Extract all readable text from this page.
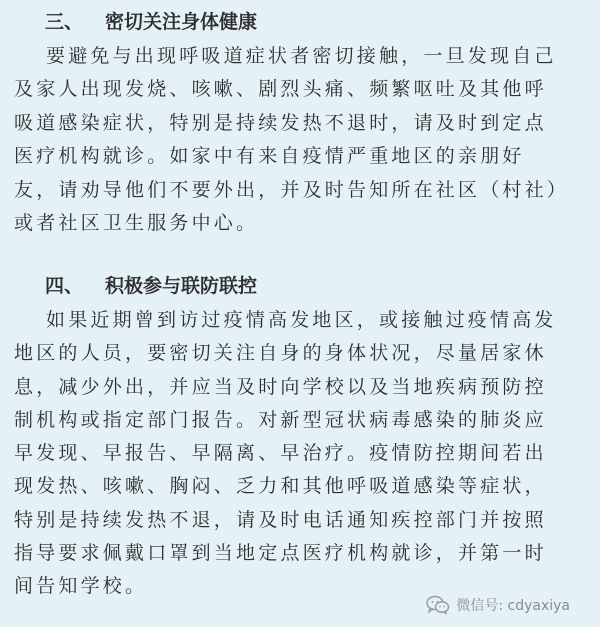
三、 密切关注身体健康
要避免与出现呼吸道症状者密切接触，一旦发现自己
及家人出现发烧、咳嗽、剧烈头痛、频繁呕吐及其他呼
吸道感染症状，特别是持续发热不退时，请及时到定点
医疗机构就诊。如家中有来自疫情严重地区的亲朋好
友，请劝导他们不要外出，并及时告知所在社区（村社）
或者社区卫生服务中心。
四、 积极参与联防联控
如果近期曾到访过疫情高发地区，或接触过疫情高发
地区的人员，要密切关注自身的身体状况，尽量居家休
息，减少外出，并应当及时向学校以及当地疾病预防控
制机构或指定部门报告。对新型冠状病毒感染的肺炎应
早发现、早报告、早隔离、早治疗。疫情防控期间若出
现发热、咳嗽、胸闷、乏力和其他呼吸道感染等症状，
特别是持续发热不退，请及时电话通知疾控部门并按照
指导要求佩戴口罩到当地定点医疗机构就诊，并第一时
间告知学校。
微信号: cdyaxiya
